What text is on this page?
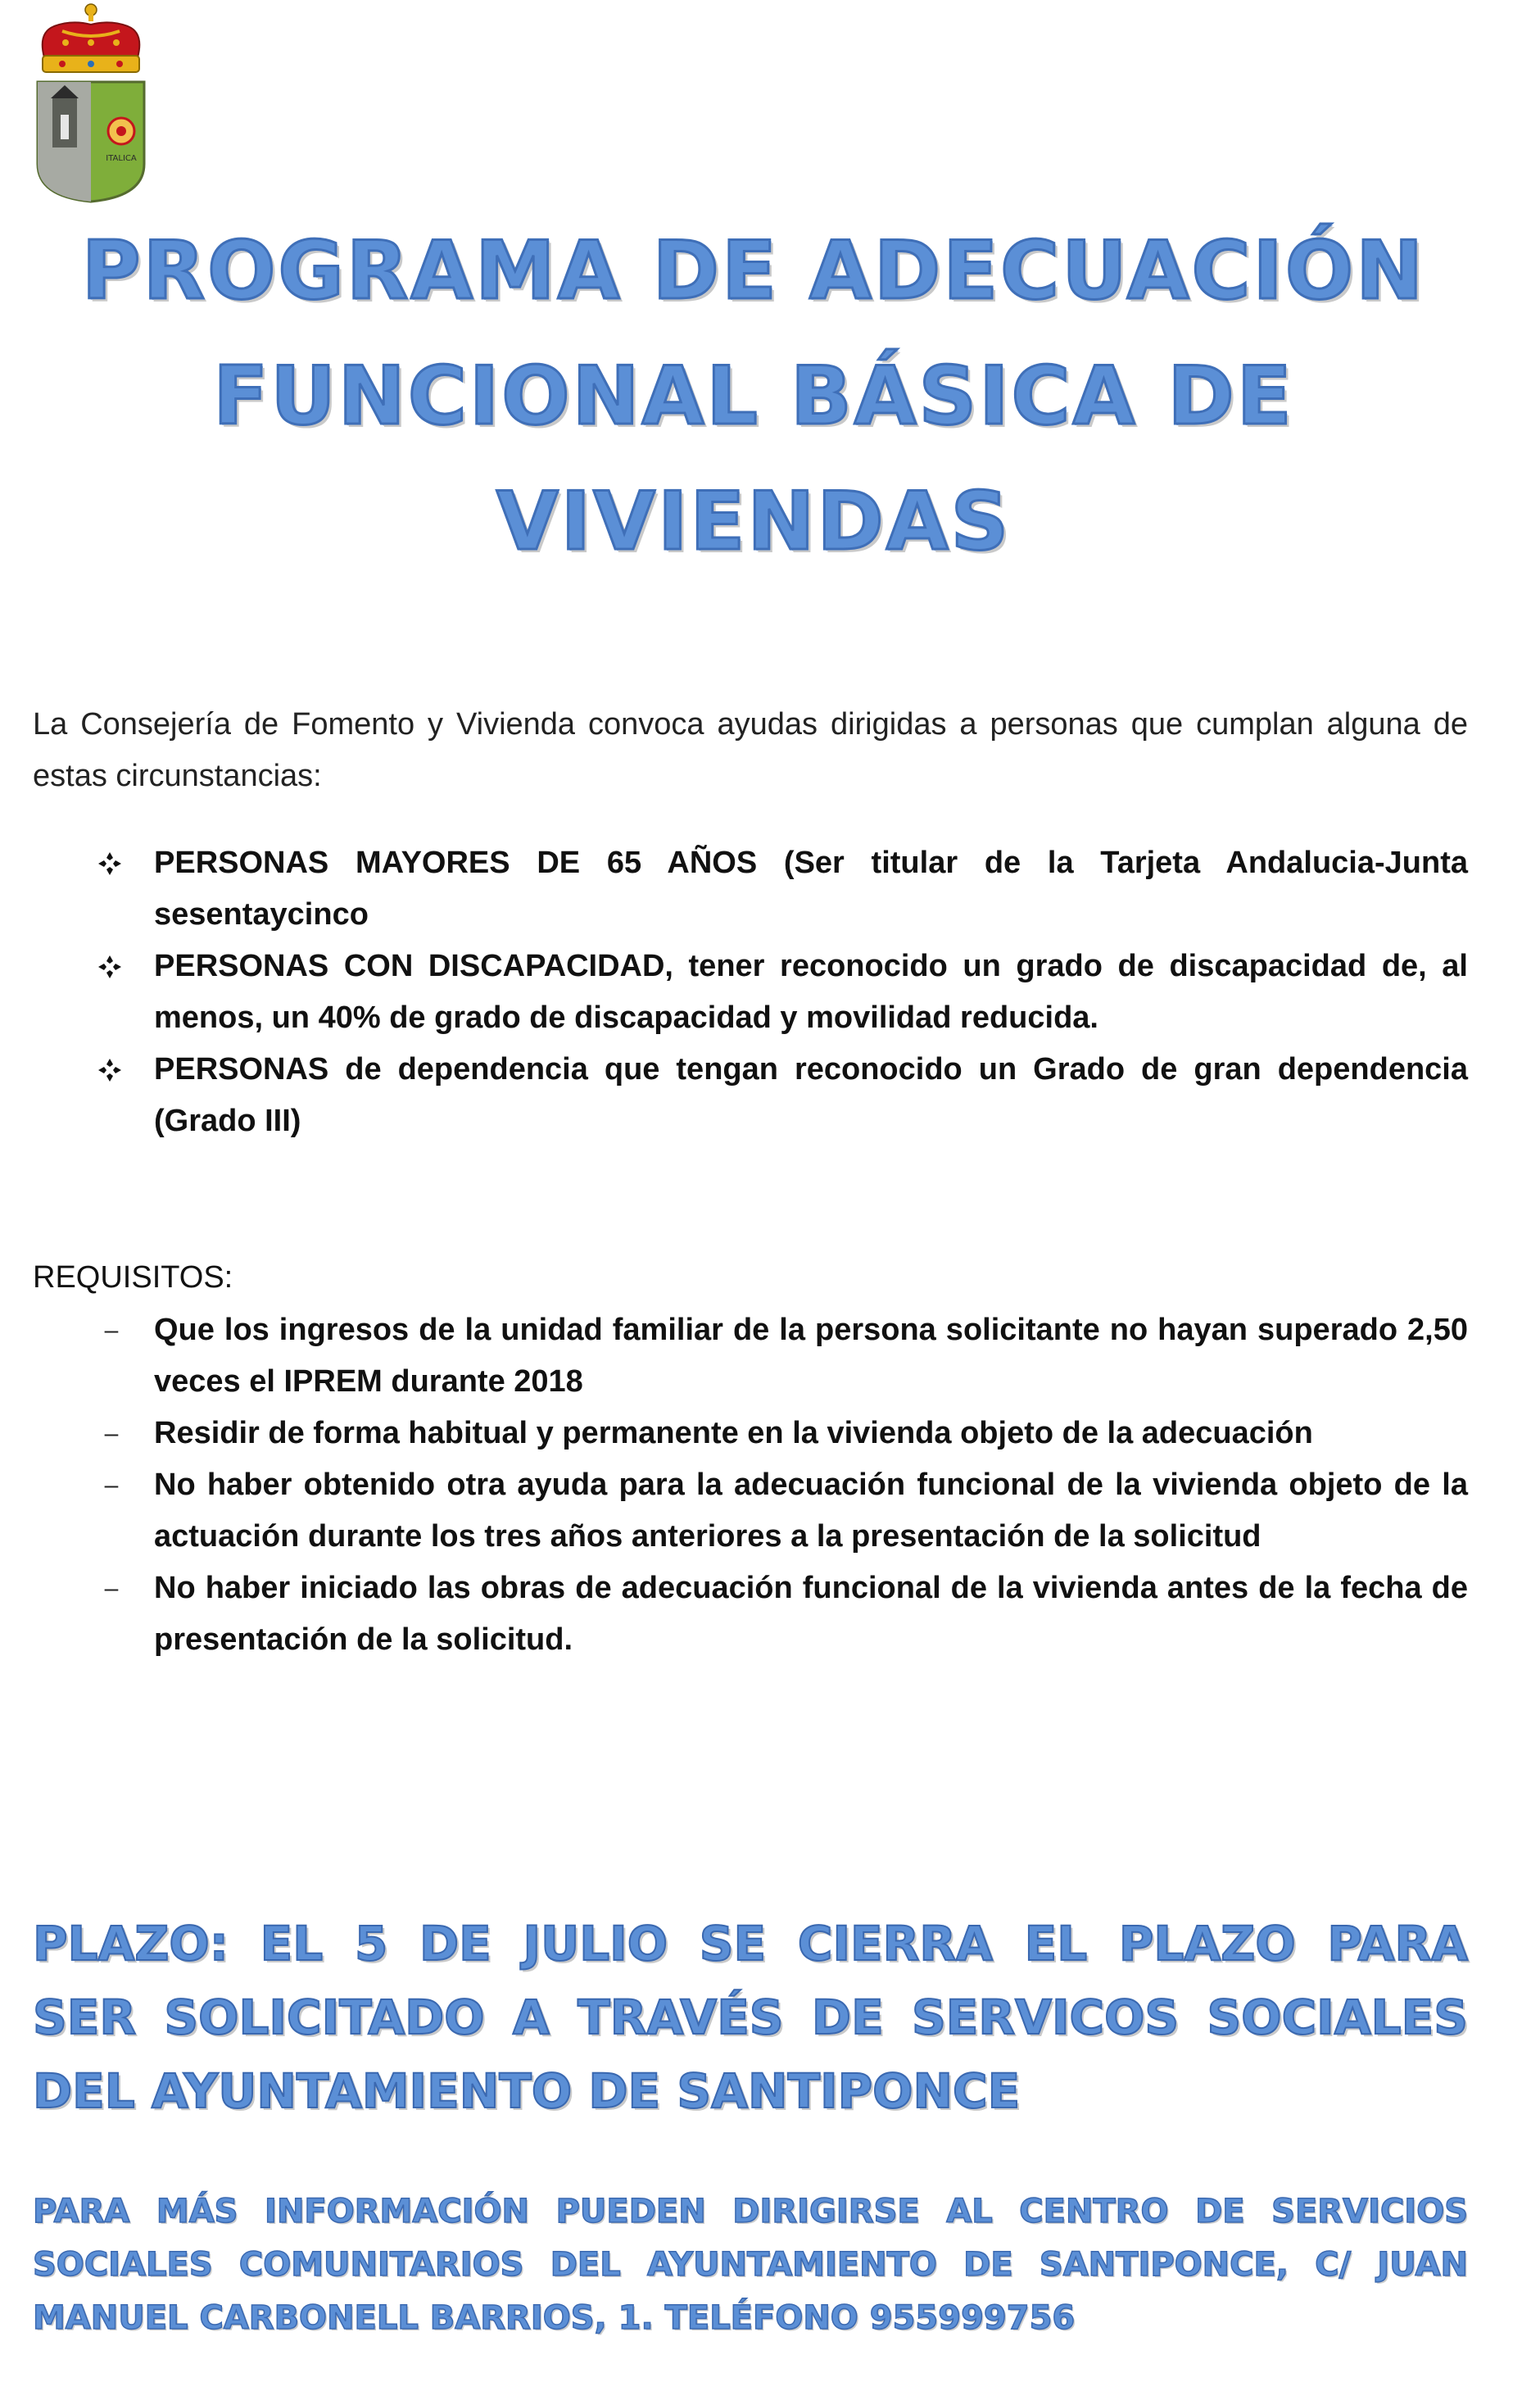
ITALICA
PROGRAMA DE ADECUACIÓN
FUNCIONAL BÁSICA DE
VIVIENDAS

La Consejería de Fomento y Vivienda convoca ayudas dirigidas a personas que cumplan alguna de estas circunstancias:

PERSONAS MAYORES DE 65 AÑOS (Ser titular de la Tarjeta Andalucia-Junta sesentaycinco
PERSONAS CON DISCAPACIDAD, tener reconocido un grado de discapacidad de, al menos, un 40% de grado de discapacidad y movilidad reducida.
PERSONAS de dependencia que tengan reconocido un Grado de gran dependencia (Grado III)
REQUISITOS:
–	Que los ingresos de la unidad familiar de la persona solicitante no hayan superado 2,50 veces el IPREM durante 2018
–	Residir de forma habitual y permanente en la vivienda objeto de la adecuación
–	No haber obtenido otra ayuda para la adecuación funcional de la vivienda objeto de la actuación durante los tres años anteriores a la presentación de la solicitud
–	No haber iniciado las obras de adecuación funcional de la vivienda antes de la fecha de presentación de la solicitud.
PLAZO: EL 5 DE JULIO SE CIERRA EL PLAZO PARA
SER SOLICITADO A TRAVÉS DE SERVICOS SOCIALES
DEL AYUNTAMIENTO DE SANTIPONCE
PARA MÁS INFORMACIÓN PUEDEN DIRIGIRSE AL CENTRO DE SERVICIOS
SOCIALES COMUNITARIOS DEL AYUNTAMIENTO DE SANTIPONCE, C/ JUAN
MANUEL CARBONELL BARRIOS, 1. TELÉFONO 955999756
